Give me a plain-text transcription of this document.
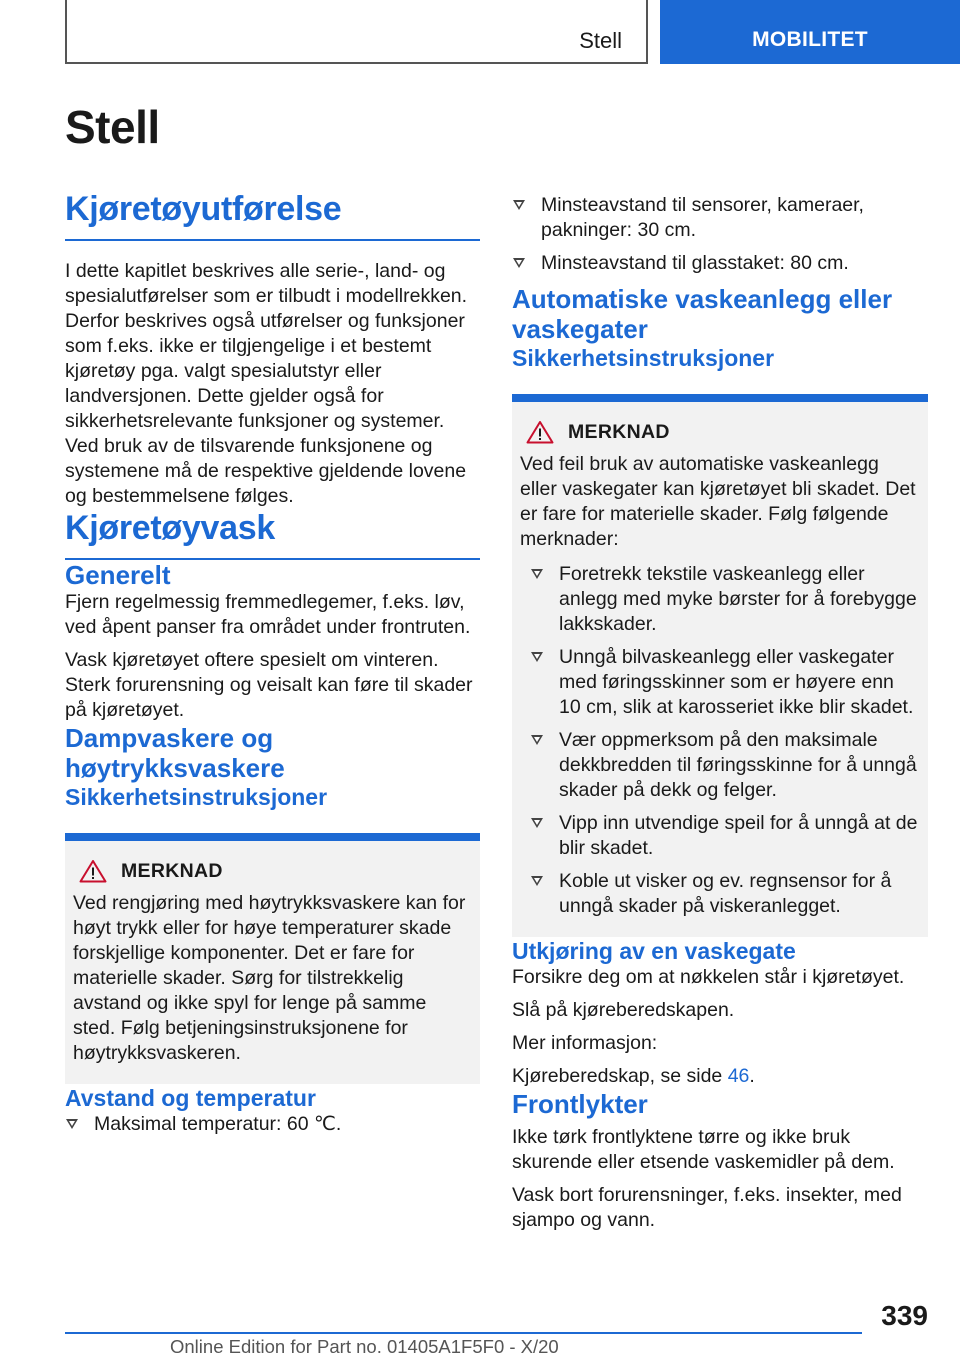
Stell	MOBILITET
Stell
Kjøretøyutførelse

I dette kapitlet beskrives alle serie-, land- og spesialutførelser som er tilbudt i modellrekken. Derfor beskrives også utførelser og funksjoner som f.eks. ikke er tilgjengelige i et bestemt kjøretøy pga. valgt spesialutstyr eller landversjonen. Dette gjelder også for sikkerhetsrelevante funksjoner og systemer. Ved bruk av de tilsvarende funksjonene og systemene må de respektive gjeldende lovene og bestemmelsene følges.

Kjøretøyvask
Generelt

Fjern regelmessig fremmedlegemer, f.eks. løv, ved åpent panser fra området under frontruten.

Vask kjøretøyet oftere spesielt om vinteren. Sterk forurensning og veisalt kan føre til skader på kjøretøyet.

Dampvaskere og høytrykksvaskere
Sikkerhetsinstruksjoner
MERKNAD

Ved rengjøring med høytrykksvaskere kan for høyt trykk eller for høye temperaturer skade forskjellige komponenter. Det er fare for materielle skader. Sørg for tilstrekkelig avstand og ikke spyl for lenge på samme sted. Følg betjeningsinstruksjonene for høytrykksvaskeren.

Avstand og temperatur
Maksimal temperatur: 60 ℃.
Minsteavstand til sensorer, kameraer, pakninger: 30 cm.
Minsteavstand til glasstaket: 80 cm.
Automatiske vaskeanlegg eller vaskegater
Sikkerhetsinstruksjoner
MERKNAD

Ved feil bruk av automatiske vaskeanlegg eller vaskegater kan kjøretøyet bli skadet. Det er fare for materielle skader. Følg følgende merknader:

Foretrekk tekstile vaskeanlegg eller anlegg med myke børster for å forebygge lakkskader.
Unngå bilvaskeanlegg eller vaskegater med føringsskinner som er høyere enn 10 cm, slik at karosseriet ikke blir skadet.
Vær oppmerksom på den maksimale dekkbredden til føringsskinne for å unngå skader på dekk og felger.
Vipp inn utvendige speil for å unngå at de blir skadet.
Koble ut visker og ev. regnsensor for å unngå skader på viskeranlegget.
Utkjøring av en vaskegate

Forsikre deg om at nøkkelen står i kjøretøyet.

Slå på kjøreberedskapen.

Mer informasjon:

Kjøreberedskap, se side 46.

Frontlykter

Ikke tørk frontlyktene tørre og ikke bruk skurende eller etsende vaskemidler på dem.

Vask bort forurensninger, f.eks. insekter, med sjampo og vann.

339
Online Edition for Part no. 01405A1F5F0 - X/20
